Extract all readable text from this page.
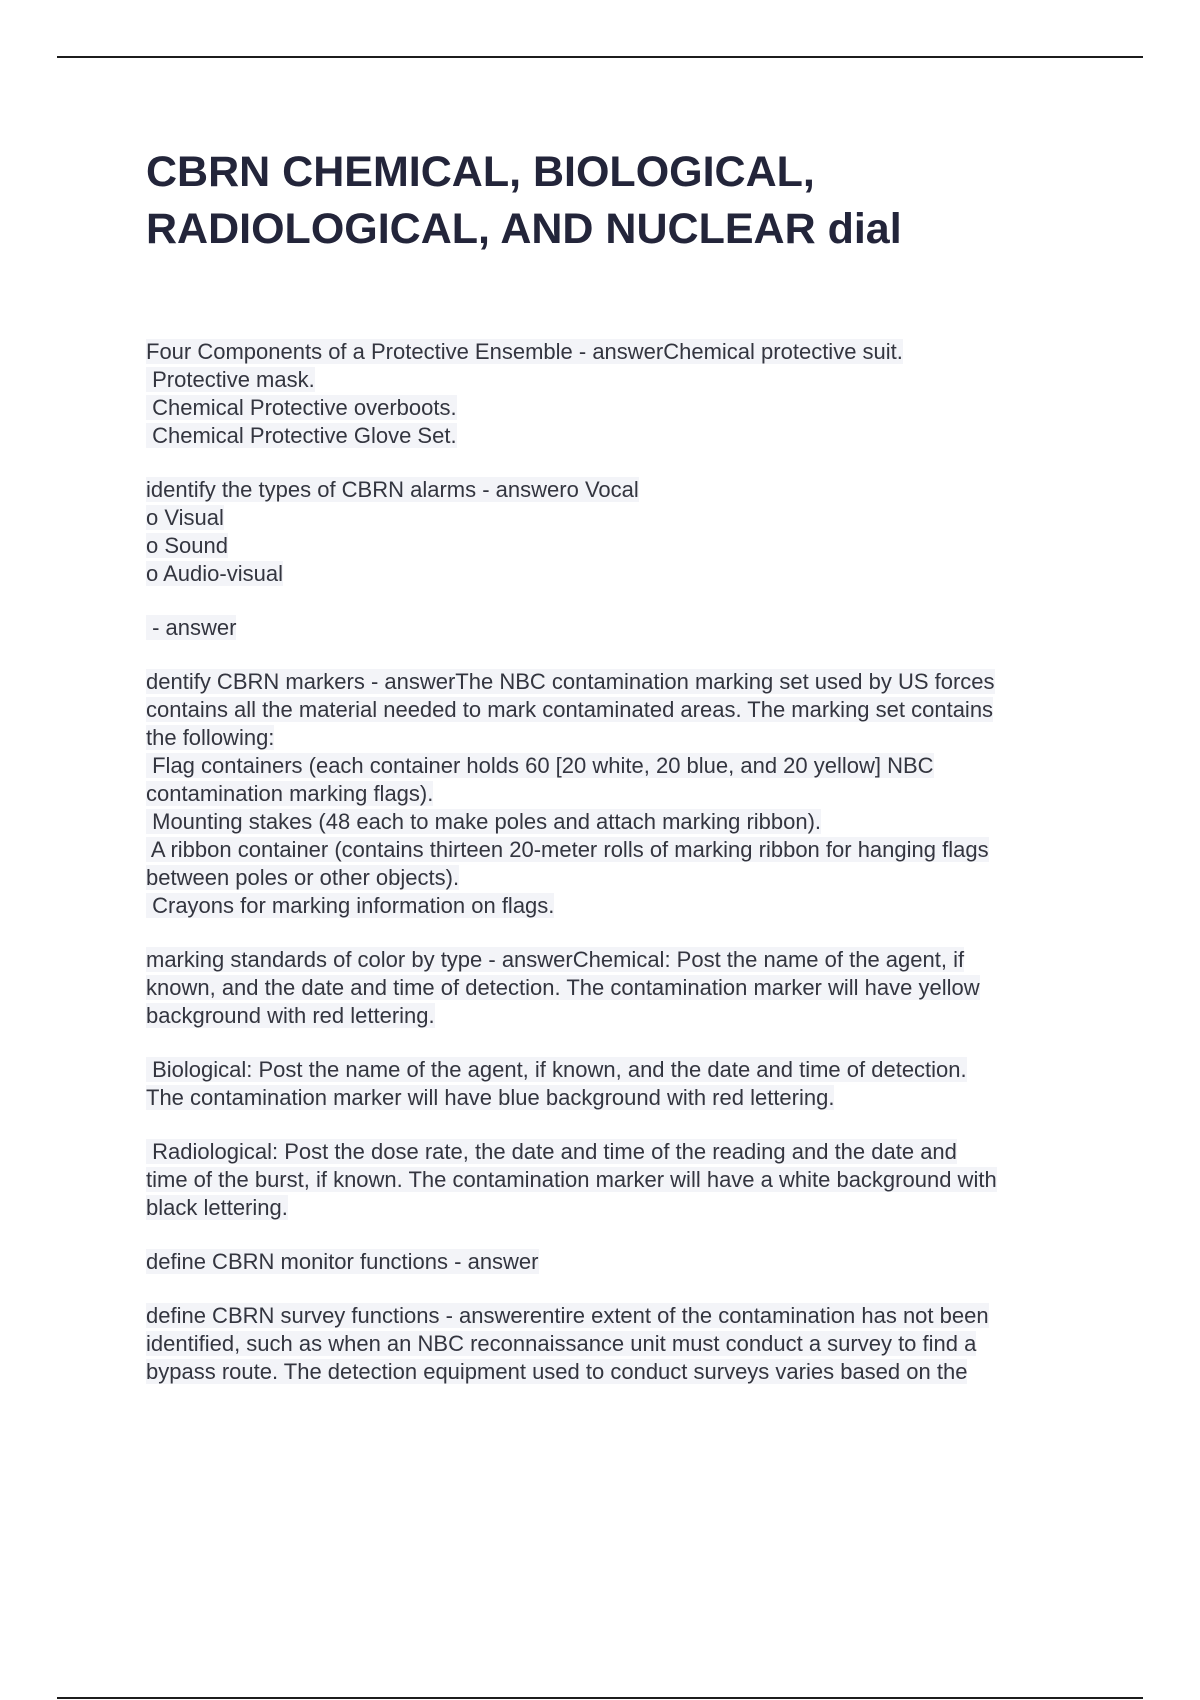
CBRN CHEMICAL, BIOLOGICAL,
RADIOLOGICAL, AND NUCLEAR dial
Four Components of a Protective Ensemble - answerChemical protective suit.
Protective mask.
Chemical Protective overboots.
Chemical Protective Glove Set.
identify the types of CBRN alarms - answero Vocal
o Visual
o Sound
o Audio-visual
- answer
dentify CBRN markers - answerThe NBC contamination marking set used by US forces
contains all the material needed to mark contaminated areas. The marking set contains
the following:
Flag containers (each container holds 60 [20 white, 20 blue, and 20 yellow] NBC
contamination marking flags).
Mounting stakes (48 each to make poles and attach marking ribbon).
A ribbon container (contains thirteen 20-meter rolls of marking ribbon for hanging flags
between poles or other objects).
Crayons for marking information on flags.
marking standards of color by type - answerChemical: Post the name of the agent, if
known, and the date and time of detection. The contamination marker will have yellow
background with red lettering.
Biological: Post the name of the agent, if known, and the date and time of detection.
The contamination marker will have blue background with red lettering.
Radiological: Post the dose rate, the date and time of the reading and the date and
time of the burst, if known. The contamination marker will have a white background with
black lettering.
define CBRN monitor functions - answer
define CBRN survey functions - answerentire extent of the contamination has not been
identified, such as when an NBC reconnaissance unit must conduct a survey to find a
bypass route. The detection equipment used to conduct surveys varies based on the
